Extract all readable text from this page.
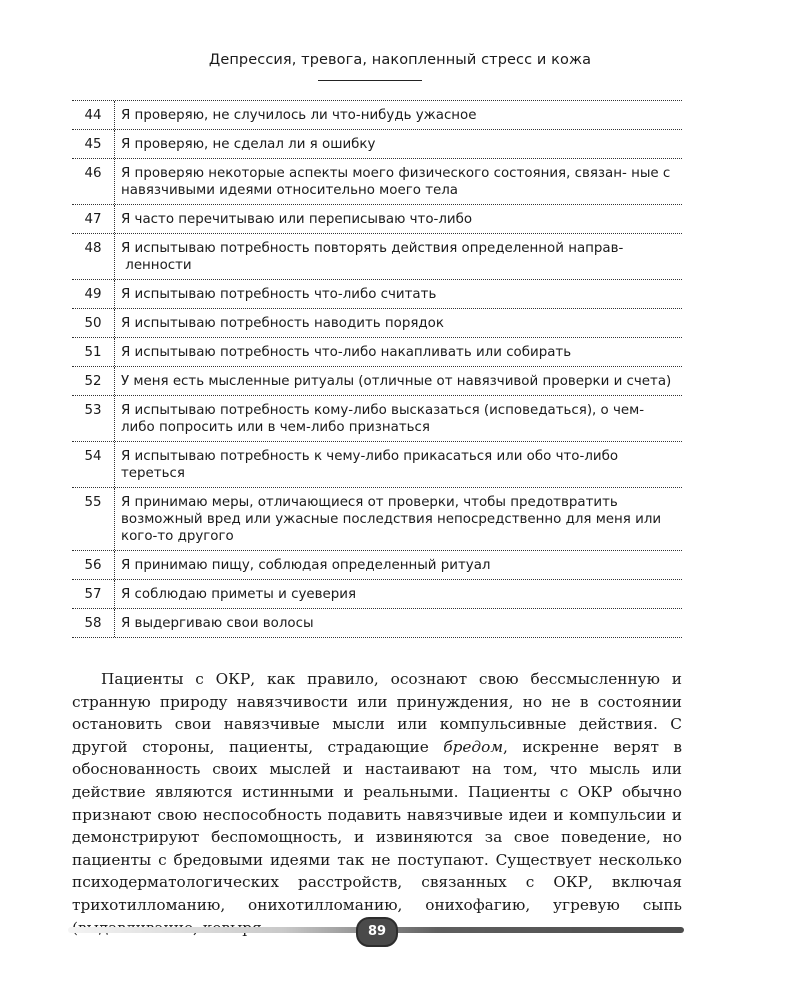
Депрессия, тревога, накопленный стресс и кожа
44	Я проверяю, не случилось ли что-нибудь ужасное
45	Я проверяю, не сделал ли я ошибку
46	Я проверяю некоторые аспекты моего физического состояния, связан- ные с навязчивыми идеями относительно моего тела
47	Я часто перечитываю или переписываю что-либо
48	Я испытываю потребность повторять действия определенной направ- ленности
49	Я испытываю потребность что-либо считать
50	Я испытываю потребность наводить порядок
51	Я испытываю потребность что-либо накапливать или собирать
52	У меня есть мысленные ритуалы (отличные от навязчивой проверки и счета)
53	Я испытываю потребность кому-либо высказаться (исповедаться), о чем-либо попросить или в чем-либо признаться
54	Я испытываю потребность к чему-либо прикасаться или обо что-либо тереться
55	Я принимаю меры, отличающиеся от проверки, чтобы предотвратить возможный вред или ужасные последствия непосредственно для меня или кого-то другого
56	Я принимаю пищу, соблюдая определенный ритуал
57	Я соблюдаю приметы и суеверия
58	Я выдергиваю свои волосы

Пациенты с ОКР, как правило, осознают свою бессмысленную и странную природу навязчивости или принуждения, но не в состоянии остановить свои навязчивые мысли или компульсивные действия. С другой стороны, пациенты, страдающие бредом, искренне верят в обоснованность своих мыслей и настаивают на том, что мысль или действие являются истинными и реальными. Пациенты с ОКР обычно признают свою неспособность подавить навязчивые идеи и компульсии и демонстрируют беспомощность, и извиняются за свое поведение, но пациенты с бредовыми идеями так не поступают. Существует несколько психодерматологических расстройств, связанных с ОКР, включая трихотилломанию, онихотилломанию, онихофагию, угревую сыпь

89
